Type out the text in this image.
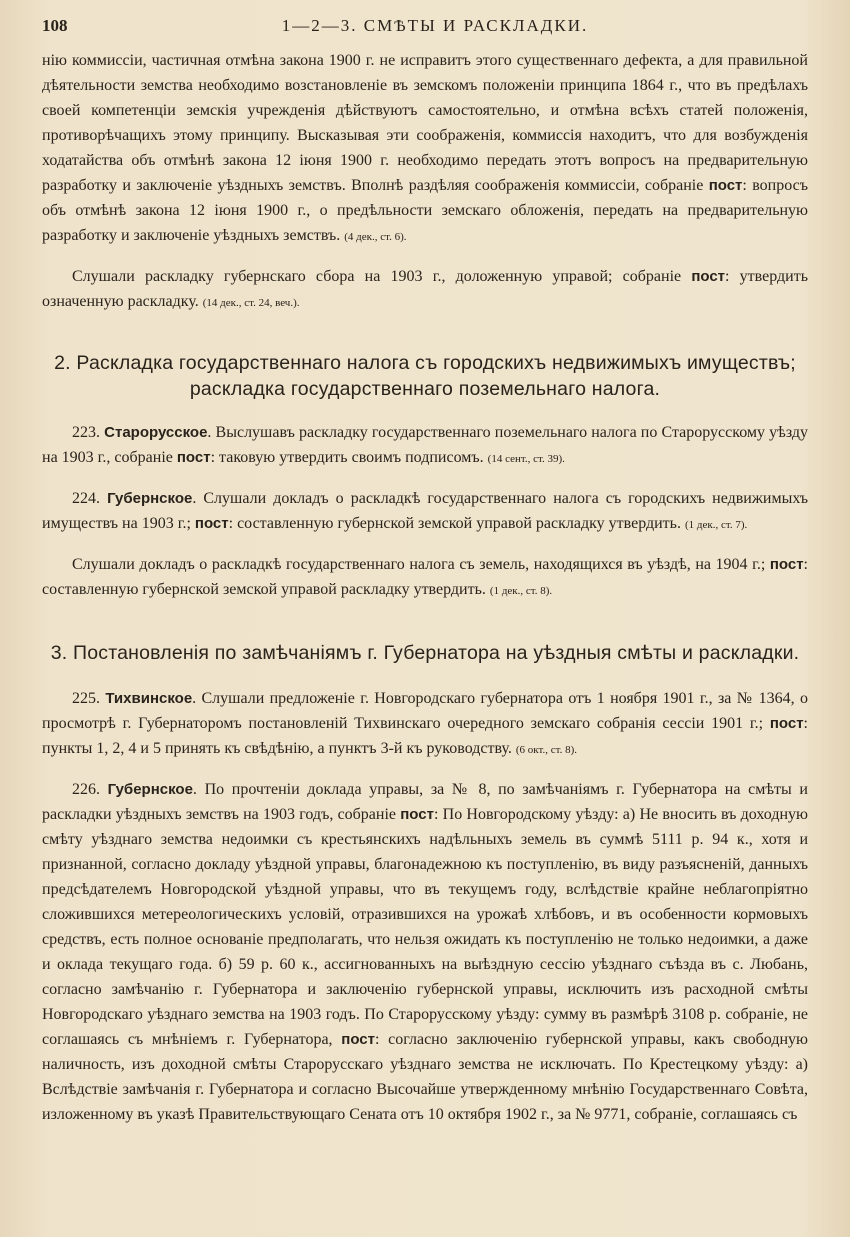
108	1—2—3. СМѢТЫ И РАСКЛАДКИ.

нію коммиссіи, частичная отмѣна закона 1900 г. не исправитъ этого существеннаго дефекта, а для правильной дѣятельности земства необходимо возстановленіе въ земскомъ положеніи принципа 1864 г., что въ предѣлахъ своей компетенціи земскія учрежденія дѣйствуютъ самостоятельно, и отмѣна всѣхъ статей положенія, противорѣчащихъ этому принципу. Высказывая эти соображенія, коммиссія находитъ, что для возбужденія ходатайства объ отмѣнѣ закона 12 іюня 1900 г. необходимо передать этотъ вопросъ на предварительную разработку и заключеніе уѣздныхъ земствъ. Вполнѣ раздѣляя соображенія коммиссіи, собраніе пост: вопросъ объ отмѣнѣ закона 12 іюня 1900 г., о предѣльности земскаго обложенія, передать на предварительную разработку и заключеніе уѣздныхъ земствъ. (4 дек., ст. 6).

Слушали раскладку губернскаго сбора на 1903 г., доложенную управой; собраніе пост: утвердить означенную раскладку. (14 дек., ст. 24, веч.).

2. Раскладка государственнаго налога съ городскихъ недвижимыхъ имуществъ;
раскладка государственнаго поземельнаго налога.

223. Старорусское. Выслушавъ раскладку государственнаго поземельнаго налога по Старорусскому уѣзду на 1903 г., собраніе пост: таковую утвердить своимъ подписомъ. (14 сент., ст. 39).

224. Губернское. Слушали докладъ о раскладкѣ государственнаго налога съ городскихъ недвижимыхъ имуществъ на 1903 г.; пост: составленную губернской земской управой раскладку утвердить. (1 дек., ст. 7).

Слушали докладъ о раскладкѣ государственнаго налога съ земель, находящихся въ уѣздѣ, на 1904 г.; пост: составленную губернской земской управой раскладку утвердить. (1 дек., ст. 8).

3. Постановленія по замѣчаніямъ г. Губернатора на уѣздныя смѣты и раскладки.

225. Тихвинское. Слушали предложеніе г. Новгородскаго губернатора отъ 1 ноября 1901 г., за № 1364, о просмотрѣ г. Губернаторомъ постановленій Тихвинскаго очередного земскаго собранія сессіи 1901 г.; пост: пункты 1, 2, 4 и 5 принять къ свѣдѣнію, а пунктъ 3-й къ руководству. (6 окт., ст. 8).

226. Губернское. По прочтеніи доклада управы, за № 8, по замѣчаніямъ г. Губернатора на смѣты и раскладки уѣздныхъ земствъ на 1903 годъ, собраніе пост: По Новгородскому уѣзду: а) Не вносить въ доходную смѣту уѣзднаго земства недоимки съ крестьянскихъ надѣльныхъ земель въ суммѣ 5111 р. 94 к., хотя и признанной, согласно докладу уѣздной управы, благонадежною къ поступленію, въ виду разъясненій, данныхъ предсѣдателемъ Новгородской уѣздной управы, что въ текущемъ году, вслѣдствіе крайне неблагопріятно сложившихся метереологическихъ условій, отразившихся на урожаѣ хлѣбовъ, и въ особенности кормовыхъ средствъ, есть полное основаніе предполагать, что нельзя ожидать къ поступленію не только недоимки, а даже и оклада текущаго года. б) 59 р. 60 к., ассигнованныхъ на выѣздную сессію уѣзднаго съѣзда въ с. Любань, согласно замѣчанію г. Губернатора и заключенію губернской управы, исключить изъ расходной смѣты Новгородскаго уѣзднаго земства на 1903 годъ. По Старорусскому уѣзду: сумму въ размѣрѣ 3108 р. собраніе, не соглашаясь съ мнѣніемъ г. Губернатора, пост: согласно заключенію губернской управы, какъ свободную наличность, изъ доходной смѣты Старорусскаго уѣзднаго земства не исключать. По Крестецкому уѣзду: а) Вслѣдствіе замѣчанія г. Губернатора и согласно Высочайше утвержденному мнѣнію Государственнаго Совѣта, изложенному въ указѣ Правительствующаго Сената отъ 10 октября 1902 г., за № 9771, собраніе, соглашаясь съ
